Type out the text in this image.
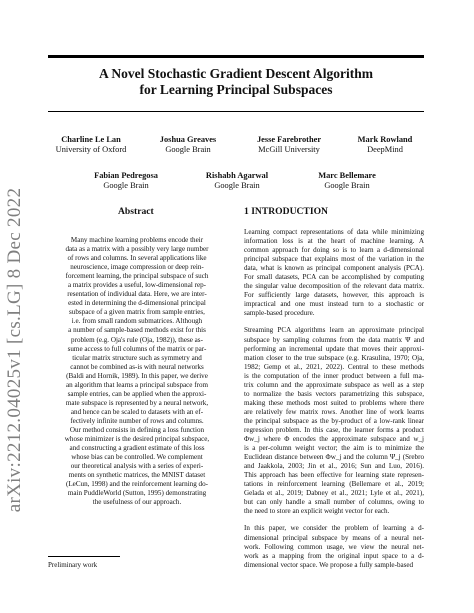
arXiv:2212.04025v1 [cs.LG] 8 Dec 2022
A Novel Stochastic Gradient Descent Algorithm
for Learning Principal Subspaces
Charline Le Lan
University of Oxford
Joshua Greaves
Google Brain
Jesse Farebrother
McGill University
Mark Rowland
DeepMind
Fabian Pedregosa
Google Brain
Rishabh Agarwal
Google Brain
Marc Bellemare
Google Brain
Abstract	1 INTRODUCTION
Many machine learning problems encode their
data as a matrix with a possibly very large number
of rows and columns. In several applications like
neuroscience, image compression or deep rein-
forcement learning, the principal subspace of such
a matrix provides a useful, low-dimensional rep-
resentation of individual data. Here, we are inter-
ested in determining the d-dimensional principal
subspace of a given matrix from sample entries,
i.e. from small random submatrices. Although
a number of sample-based methods exist for this
problem (e.g. Oja's rule (Oja, 1982)), these as-
sume access to full columns of the matrix or par-
ticular matrix structure such as symmetry and
cannot be combined as-is with neural networks
(Baldi and Hornik, 1989). In this paper, we derive
an algorithm that learns a principal subspace from
sample entries, can be applied when the approxi-
mate subspace is represented by a neural network,
and hence can be scaled to datasets with an ef-
fectively infinite number of rows and columns.
Our method consists in defining a loss function
whose minimizer is the desired principal subspace,
and constructing a gradient estimate of this loss
whose bias can be controlled. We complement
our theoretical analysis with a series of experi-
ments on synthetic matrices, the MNIST dataset
(LeCun, 1998) and the reinforcement learning do-
main PuddleWorld (Sutton, 1995) demonstrating
the usefulness of our approach.
Learning compact representations of data while minimizing
information loss is at the heart of machine learning. A
common approach for doing so is to learn a d-dimensional
principal subspace that explains most of the variation in the
data, what is known as principal component analysis (PCA).
For small datasets, PCA can be accomplished by computing
the singular value decomposition of the relevant data matrix.
For sufficiently large datasets, however, this approach is
impractical and one must instead turn to a stochastic or
sample-based procedure.
Streaming PCA algorithms learn an approximate principal
subspace by sampling columns from the data matrix Ψ and
performing an incremental update that moves their approxi-
mation closer to the true subspace (e.g. Krasulina, 1970; Oja,
1982; Gemp et al., 2021, 2022). Central to these methods
is the computation of the inner product between a full ma-
trix column and the approximate subspace as well as a step
to normalize the basis vectors parametrizing this subspace,
making these methods most suited to problems where there
are relatively few matrix rows. Another line of work learns
the principal subspace as the by-product of a low-rank linear
regression problem. In this case, the learner forms a product
Φw_j where Φ encodes the approximate subspace and w_j
is a per-column weight vector; the aim is to minimize the
Euclidean distance between Φw_j and the column Ψ_j (Srebro
and Jaakkola, 2003; Jin et al., 2016; Sun and Luo, 2016).
This approach has been effective for learning state represen-
tations in reinforcement learning (Bellemare et al., 2019;
Gelada et al., 2019; Dabney et al., 2021; Lyle et al., 2021),
but can only handle a small number of columns, owing to
the need to store an explicit weight vector for each.
In this paper, we consider the problem of learning a d-
dimensional principal subspace by means of a neural net-
work. Following common usage, we view the neural net-
work as a mapping from the original input space to a d-
dimensional vector space. We propose a fully sample-based
Preliminary work
